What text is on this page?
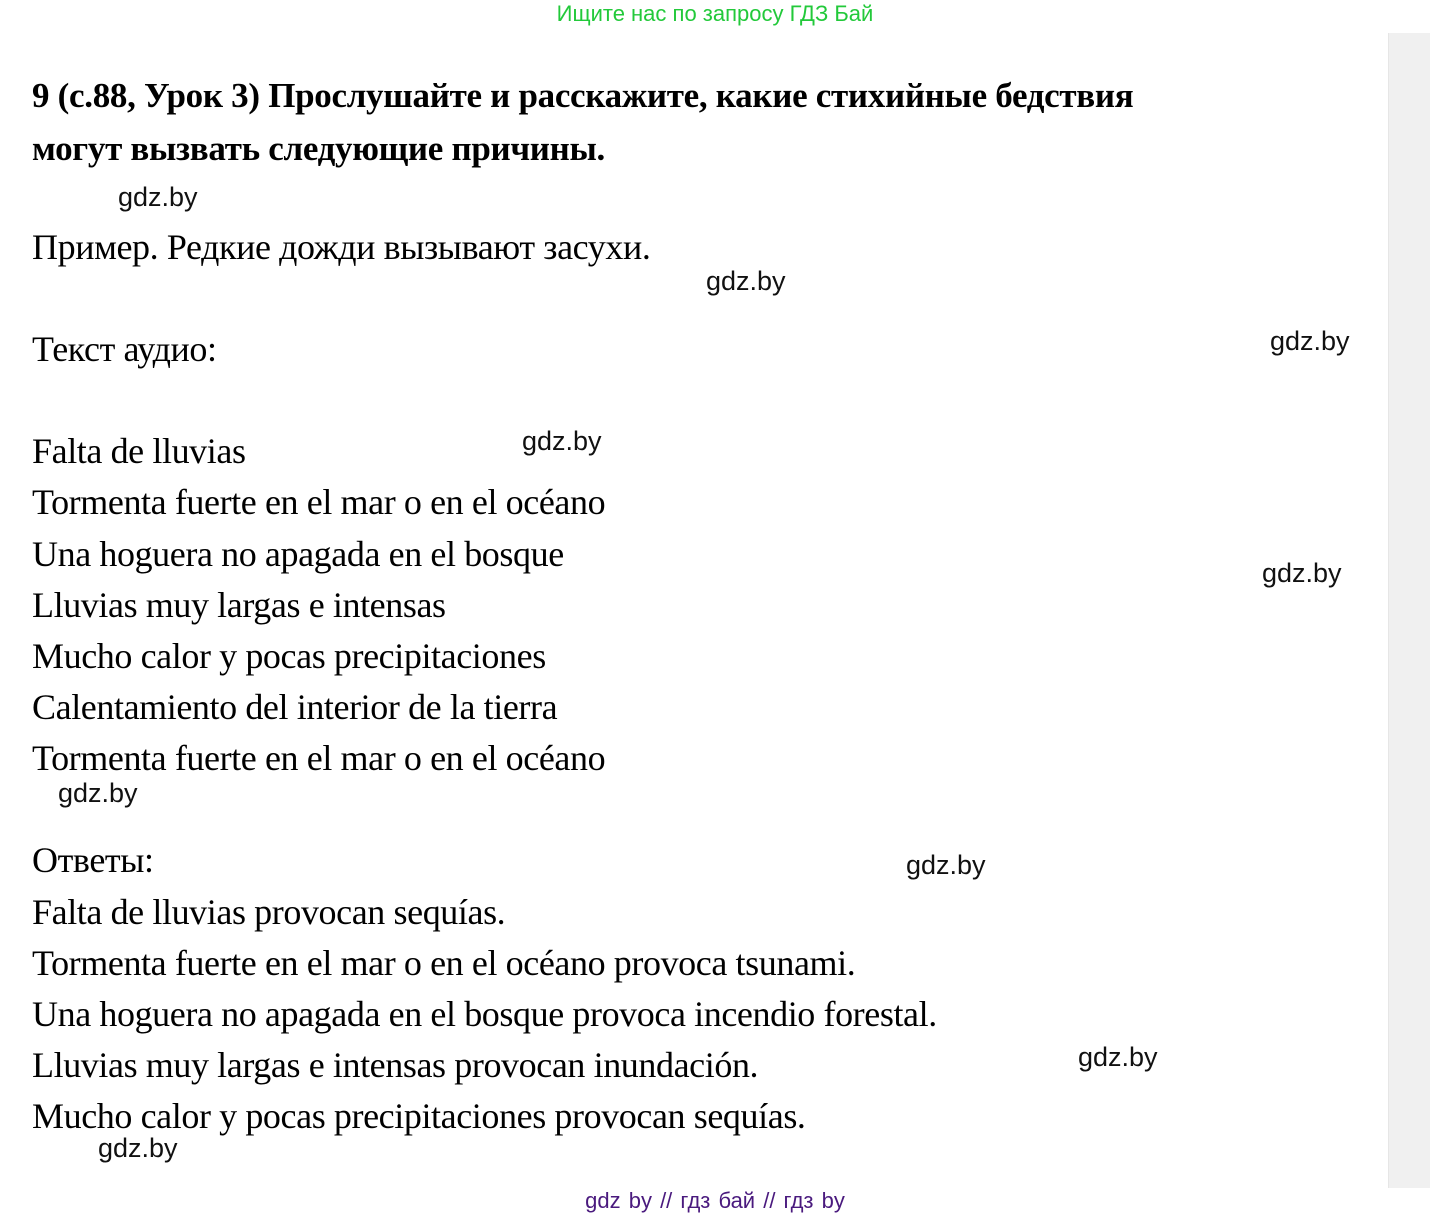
Ищите нас по запросу ГДЗ Бай
9 (с.88, Урок 3) Прослушайте и расскажите, какие стихийные бедствия
могут вызвать следующие причины.
gdz.by
Пример. Редкие дожди вызывают засухи.
gdz.by
Текст аудио:	gdz.by
gdz.by
Falta de lluvias
Tormenta fuerte en el mar o en el océano
Una hoguera no apagada en el bosque
Lluvias muy largas e intensas
Mucho calor y pocas precipitaciones
Calentamiento del interior de la tierra
Tormenta fuerte en el mar o en el océano
gdz.by
gdz.by
Ответы:	gdz.by
Falta de lluvias provocan sequías.
Tormenta fuerte en el mar o en el océano provoca tsunami.
Una hoguera no apagada en el bosque provoca incendio forestal.
Lluvias muy largas e intensas provocan inundación.
Mucho calor y pocas precipitaciones provocan sequías.
gdz.by
gdz.by
gdz by // гдз бай // гдз by
